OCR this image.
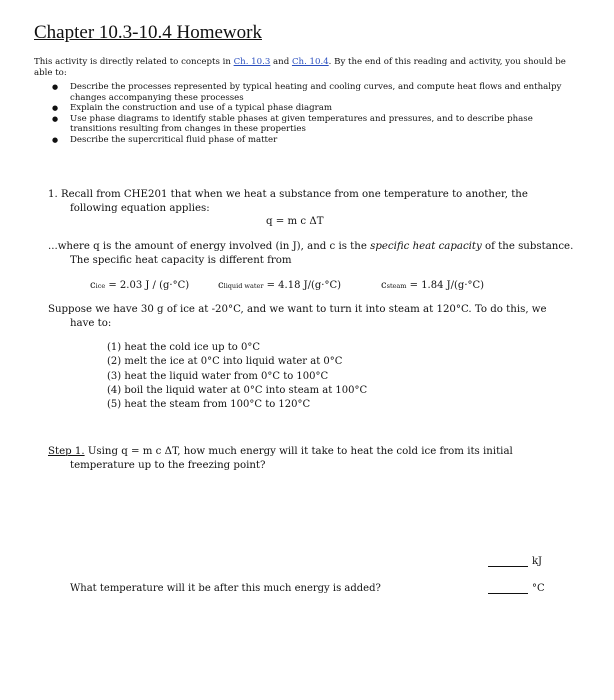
Chapter 10.3-10.4 Homework
This activity is directly related to concepts in Ch. 10.3 and Ch. 10.4. By the end of this reading and activity, you should be able to:
● Describe the processes represented by typical heating and cooling curves, and compute heat flows and enthalpy changes accompanying these processes
● Explain the construction and use of a typical phase diagram
● Use phase diagrams to identify stable phases at given temperatures and pressures, and to describe phase transitions resulting from changes in these properties
● Describe the supercritical fluid phase of matter
1. Recall from CHE201 that when we heat a substance from one temperature to another, the
following equation applies:
q = m c ΔT
...where q is the amount of energy involved (in J), and c is the specific heat capacity of the substance.
The specific heat capacity is different from
cice = 2.03 J / (g·°C)	cliquid water = 4.18 J/(g·°C)	csteam = 1.84 J/(g·°C)
Suppose we have 30 g of ice at -20°C, and we want to turn it into steam at 120°C. To do this, we
have to:
(1) heat the cold ice up to 0°C
(2) melt the ice at 0°C into liquid water at 0°C
(3) heat the liquid water from 0°C to 100°C
(4) boil the liquid water at 0°C into steam at 100°C
(5) heat the steam from 100°C to 120°C
Step 1. Using q = m c ΔT, how much energy will it take to heat the cold ice from its initial
temperature up to the freezing point?
kJ
What temperature will it be after this much energy is added?	°C
